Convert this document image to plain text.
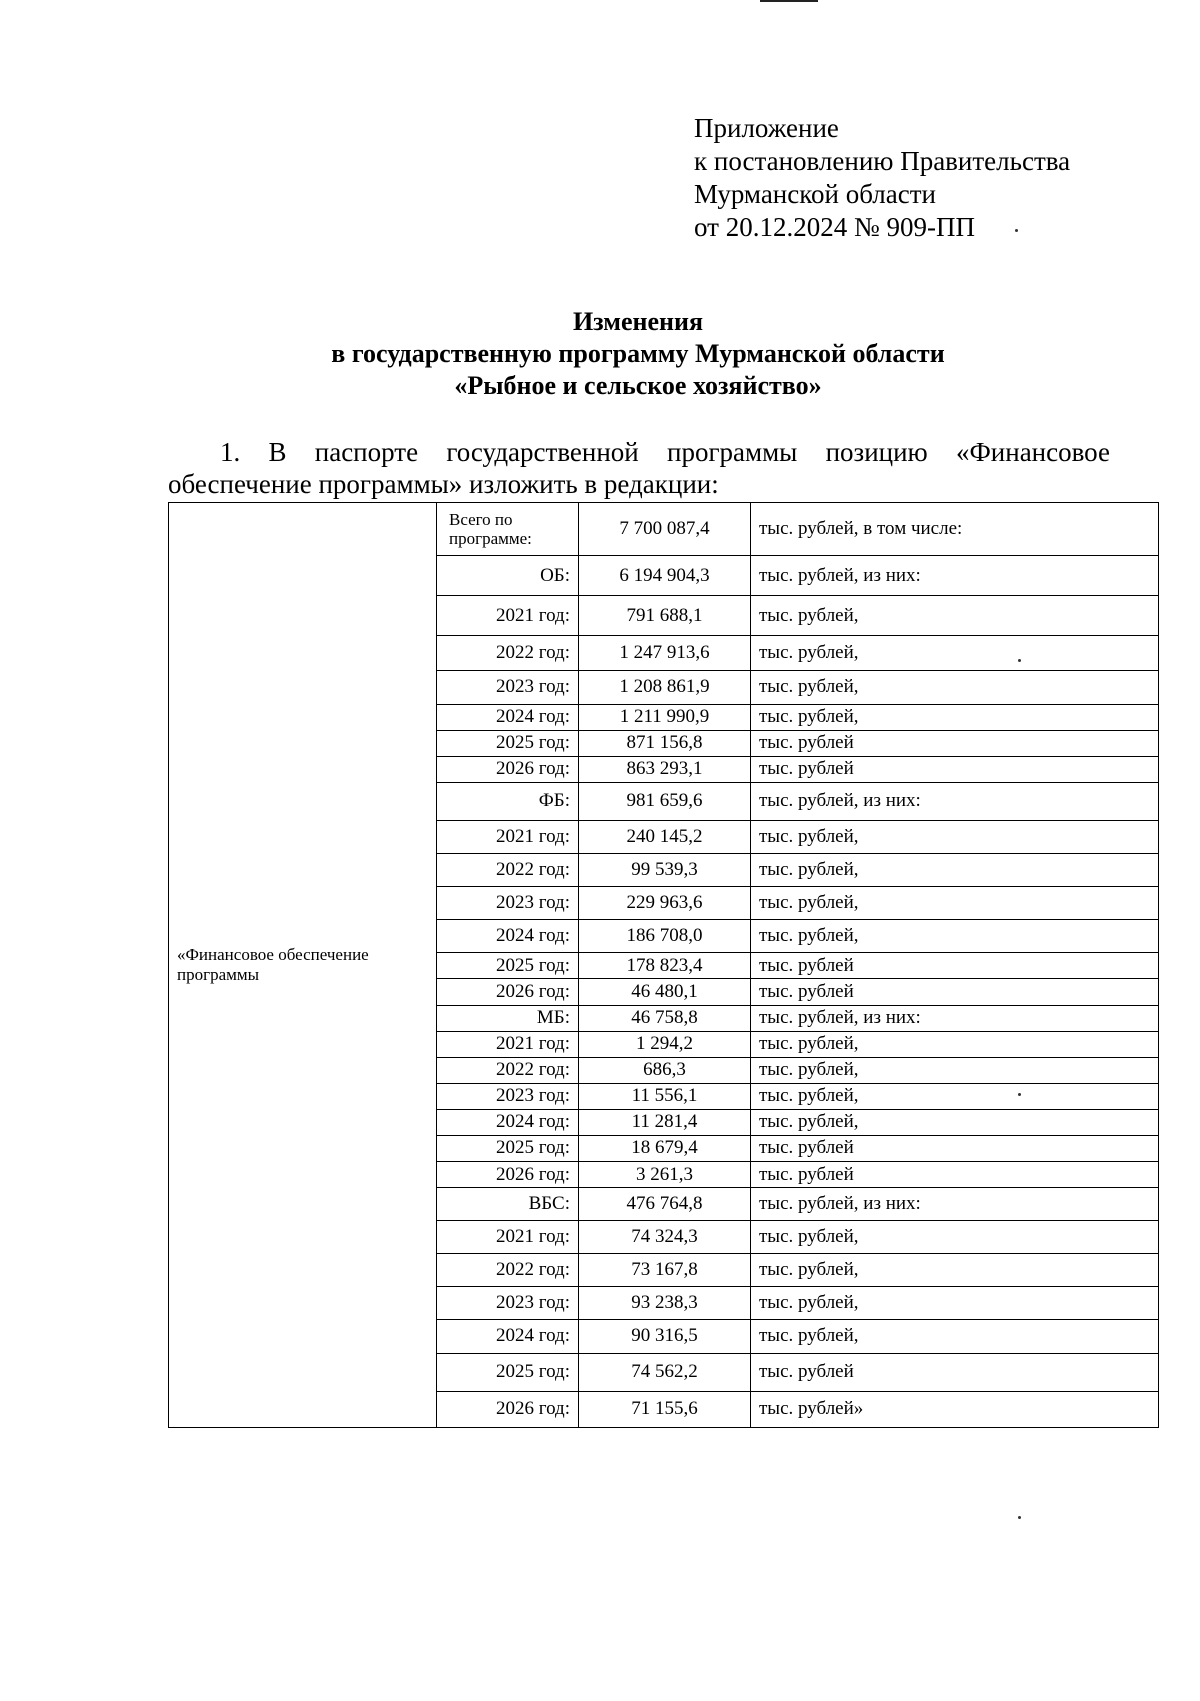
Приложение
к постановлению Правительства
Мурманской области
от 20.12.2024 № 909-ПП
Изменения
в государственную программу Мурманской области
«Рыбное и сельское хозяйство»
1. В паспорте государственной программы позицию «Финансовое обеспечение программы» изложить в редакции:
«Финансовое обеспечение программы	Всего по программе:	7 700 087,4	тыс. рублей, в том числе:
	ОБ:	6 194 904,3	тыс. рублей, из них:
	2021 год:	791 688,1	тыс. рублей,
	2022 год:	1 247 913,6	тыс. рублей,
	2023 год:	1 208 861,9	тыс. рублей,
	2024 год:	1 211 990,9	тыс. рублей,
	2025 год:	871 156,8	тыс. рублей
	2026 год:	863 293,1	тыс. рублей
	ФБ:	981 659,6	тыс. рублей, из них:
	2021 год:	240 145,2	тыс. рублей,
	2022 год:	99 539,3	тыс. рублей,
	2023 год:	229 963,6	тыс. рублей,
	2024 год:	186 708,0	тыс. рублей,
	2025 год:	178 823,4	тыс. рублей
	2026 год:	46 480,1	тыс. рублей
	МБ:	46 758,8	тыс. рублей, из них:
	2021 год:	1 294,2	тыс. рублей,
	2022 год:	686,3	тыс. рублей,
	2023 год:	11 556,1	тыс. рублей,
	2024 год:	11 281,4	тыс. рублей,
	2025 год:	18 679,4	тыс. рублей
	2026 год:	3 261,3	тыс. рублей
	ВБС:	476 764,8	тыс. рублей, из них:
	2021 год:	74 324,3	тыс. рублей,
	2022 год:	73 167,8	тыс. рублей,
	2023 год:	93 238,3	тыс. рублей,
	2024 год:	90 316,5	тыс. рублей,
	2025 год:	74 562,2	тыс. рублей
	2026 год:	71 155,6	тыс. рублей»
